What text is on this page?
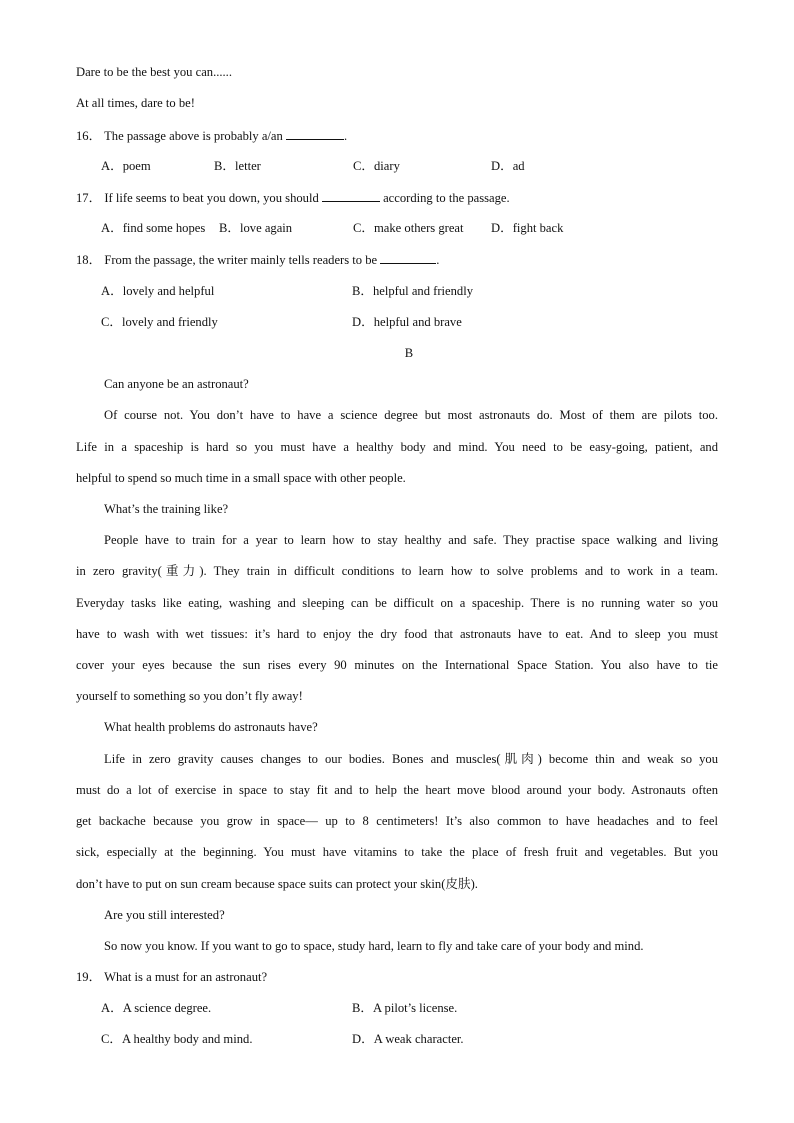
Dare to be the best you can......
At all times, dare to be!
16． The passage above is probably a/an	.
A．poem	B．letter	C．diary	D．ad
17． If life seems to beat you down, you should	according to the passage.
A．find some hopes B．love again	C．make others great D．fight back
18． From the passage, the writer mainly tells readers to be	.
A．lovely and helpful	B．helpful and friendly
C．lovely and friendly	D．helpful and brave
B
Can anyone be an astronaut?
Of course not. You don’t have to have a science degree but most astronauts do. Most of them are pilots too.
Life in a spaceship is hard so you must have a healthy body and mind. You need to be easy-going, patient, and
helpful to spend so much time in a small space with other people.
What’s the training like?
People have to train for a year to learn how to stay healthy and safe. They practise space walking and living
in zero gravity(重力). They train in difficult conditions to learn how to solve problems and to work in a team.
Everyday tasks like eating, washing and sleeping can be difficult on a spaceship. There is no running water so you
have to wash with wet tissues: it’s hard to enjoy the dry food that astronauts have to eat. And to sleep you must
cover your eyes because the sun rises every 90 minutes on the International Space Station. You also have to tie
yourself to something so you don’t fly away!
What health problems do astronauts have?
Life in zero gravity causes changes to our bodies. Bones and muscles(肌肉) become thin and weak so you
must do a lot of exercise in space to stay fit and to help the heart move blood around your body. Astronauts often
get backache because you grow in space— up to 8 centimeters! It’s also common to have headaches and to feel
sick, especially at the beginning. You must have vitamins to take the place of fresh fruit and vegetables. But you
don’t have to put on sun cream because space suits can protect your skin(皮肤).
Are you still interested?
So now you know. If you want to go to space, study hard, learn to fly and take care of your body and mind.
19． What is a must for an astronaut?
A．A science degree.	B．A pilot’s license.
C．A healthy body and mind.	D．A weak character.
